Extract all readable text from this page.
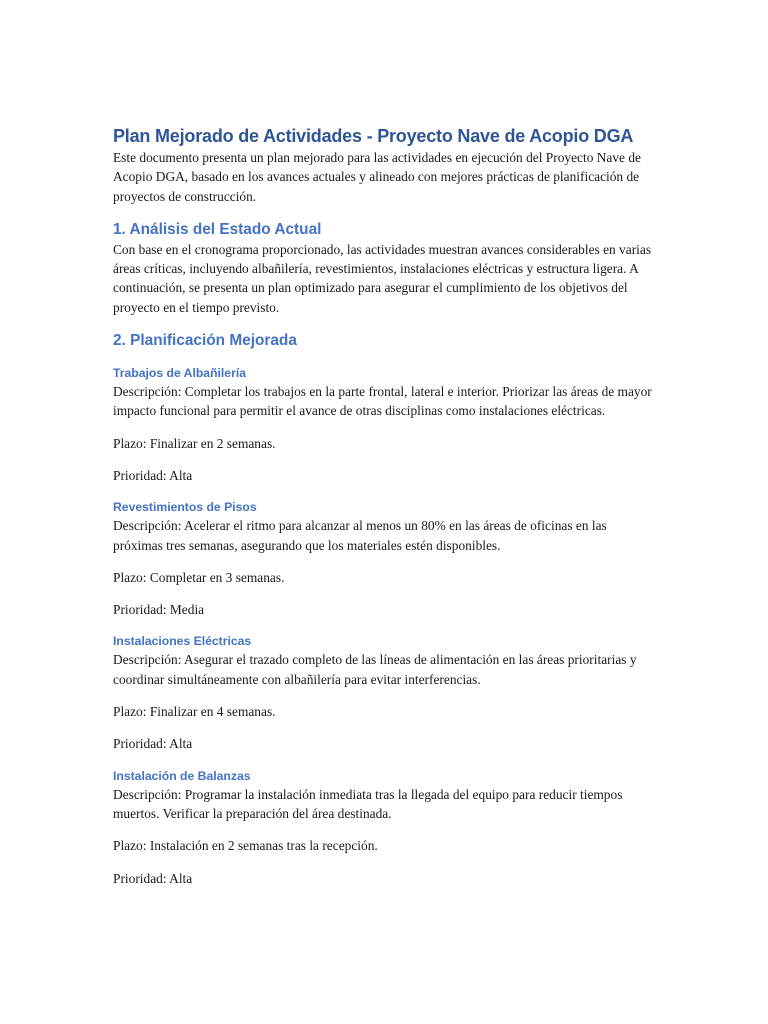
Plan Mejorado de Actividades - Proyecto Nave de Acopio DGA

Este documento presenta un plan mejorado para las actividades en ejecución del Proyecto Nave de Acopio DGA, basado en los avances actuales y alineado con mejores prácticas de planificación de proyectos de construcción.

1. Análisis del Estado Actual

Con base en el cronograma proporcionado, las actividades muestran avances considerables en varias áreas críticas, incluyendo albañilería, revestimientos, instalaciones eléctricas y estructura ligera. A continuación, se presenta un plan optimizado para asegurar el cumplimiento de los objetivos del proyecto en el tiempo previsto.

2. Planificación Mejorada
Trabajos de Albañilería

Descripción: Completar los trabajos en la parte frontal, lateral e interior. Priorizar las áreas de mayor impacto funcional para permitir el avance de otras disciplinas como instalaciones eléctricas.

Plazo: Finalizar en 2 semanas.

Prioridad: Alta

Revestimientos de Pisos

Descripción: Acelerar el ritmo para alcanzar al menos un 80% en las áreas de oficinas en las próximas tres semanas, asegurando que los materiales estén disponibles.

Plazo: Completar en 3 semanas.

Prioridad: Media

Instalaciones Eléctricas

Descripción: Asegurar el trazado completo de las líneas de alimentación en las áreas prioritarias y coordinar simultáneamente con albañilería para evitar interferencias.

Plazo: Finalizar en 4 semanas.

Prioridad: Alta

Instalación de Balanzas

Descripción: Programar la instalación inmediata tras la llegada del equipo para reducir tiempos muertos. Verificar la preparación del área destinada.

Plazo: Instalación en 2 semanas tras la recepción.

Prioridad: Alta
